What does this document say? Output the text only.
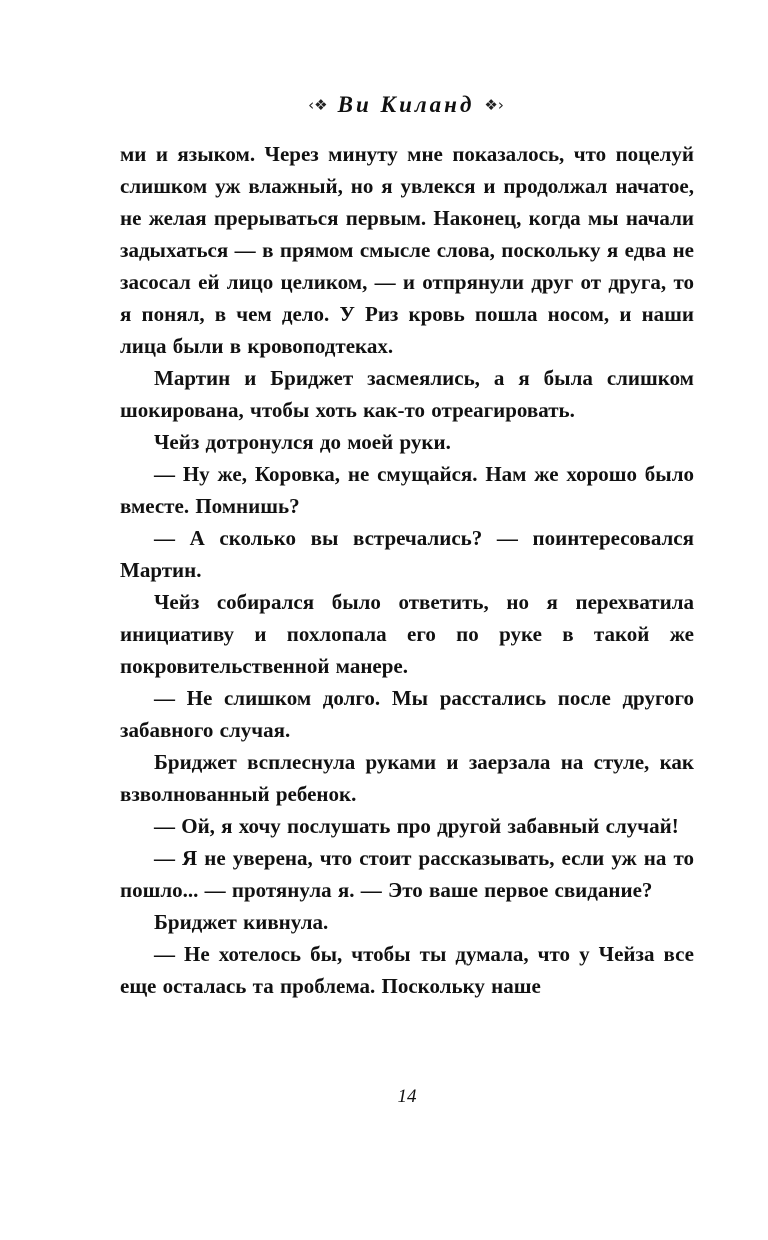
‹❖ Ви Киланд ❖›

ми и языком. Через минуту мне показалось, что поцелуй слишком уж влажный, но я увлекся и продолжал начатое, не желая прерываться первым. Наконец, когда мы начали задыхаться — в прямом смысле слова, поскольку я едва не засосал ей лицо целиком, — и отпрянули друг от друга, то я понял, в чем дело. У Риз кровь пошла носом, и наши лица были в кровоподтеках.

Мартин и Бриджет засмеялись, а я была слишком шокирована, чтобы хоть как-то отреагировать.

Чейз дотронулся до моей руки.

— Ну же, Коровка, не смущайся. Нам же хорошо было вместе. Помнишь?

— А сколько вы встречались? — поинтересовался Мартин.

Чейз собирался было ответить, но я перехватила инициативу и похлопала его по руке в такой же покровительственной манере.

— Не слишком долго. Мы расстались после другого забавного случая.

Бриджет всплеснула руками и заерзала на стуле, как взволнованный ребенок.

— Ой, я хочу послушать про другой забавный случай!

— Я не уверена, что стоит рассказывать, если уж на то пошло... — протянула я. — Это ваше первое свидание?

Бриджет кивнула.

— Не хотелось бы, чтобы ты думала, что у Чейза все еще осталась та проблема. Поскольку наше

14
